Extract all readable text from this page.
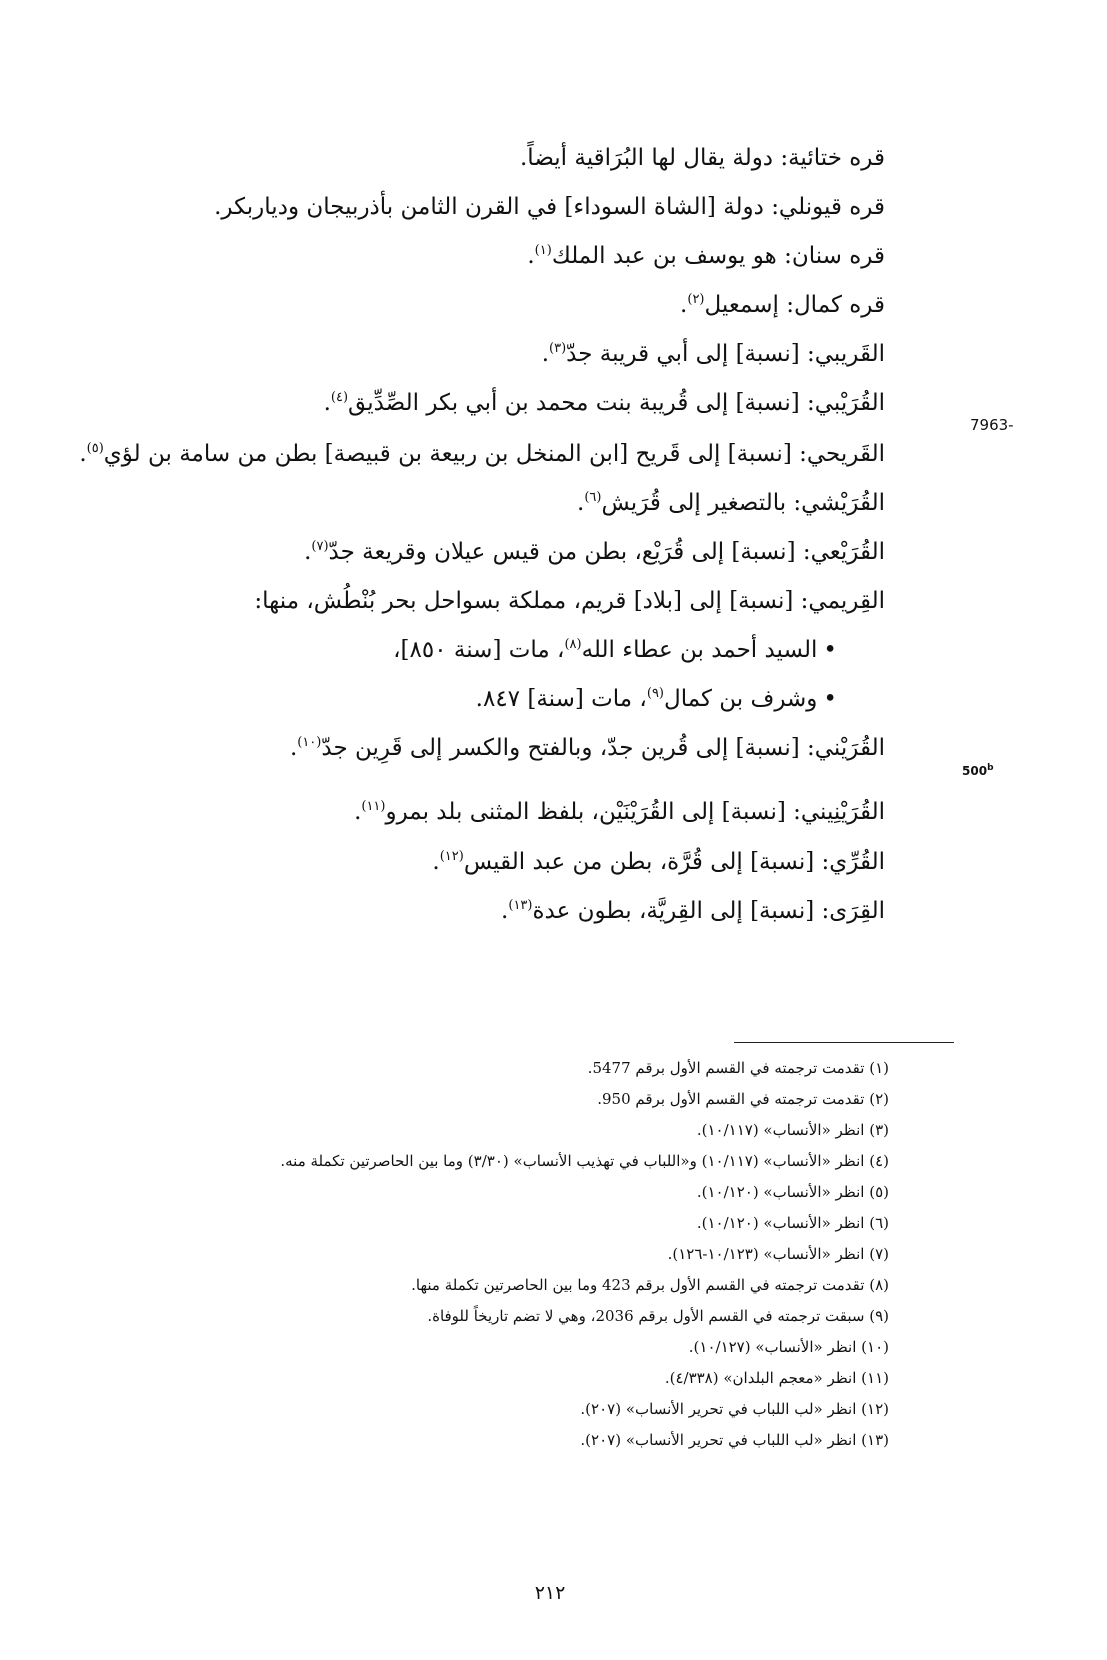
قره ختائية: دولة يقال لها البُرَاقية أيضاً.
قره قيونلي: دولة [الشاة السوداء] في القرن الثامن بأذربيجان ودياربكر.
قره سنان: هو يوسف بن عبد الملك$^{(١)}$.
قره كمال: إسمعيل$^{(٢)}$.
القَريبي: [نسبة] إلى أبي قريبة جدّ$^{(٣)}$.
القُرَيْبي: [نسبة] إلى قُريبة بنت محمد بن أبي بكر الصِّدِّيق$^{(٤)}$.
القَريحي: [نسبة] إلى قَريح [ابن المنخل بن ربيعة بن قبيصة] بطن من سامة بن لؤي$^{(٥)}$.
القُرَيْشي: بالتصغير إلى قُرَيش$^{(٦)}$.
القُرَيْعي: [نسبة] إلى قُرَيْع، بطن من قيس عيلان وقريعة جدّ$^{(٧)}$.
القِريمي: [نسبة] إلى [بلاد] قريم، مملكة بسواحل بحر بُنْطُش، منها:
•السيد أحمد بن عطاء الله$^{(٨)}$، مات [سنة ٨٥٠]،
•وشرف بن كمال$^{(٩)}$، مات [سنة] ٨٤٧.
القُرَيْني: [نسبة] إلى قُرين جدّ، وبالفتح والكسر إلى قَرِين جدّ$^{(١٠)}$.
القُرَيْنِيني: [نسبة] إلى القُرَيْنَيْن، بلفظ المثنى بلد بمرو$^{(١١)}$.
القُرِّي: [نسبة] إلى قُرَّة، بطن من عبد القيس$^{(١٢)}$.
القِرَى: [نسبة] إلى القِريَّة، بطون عدة$^{(١٣)}$.
7963-
500$^b$
(١) تقدمت ترجمته في القسم الأول برقم 5477.
(٢) تقدمت ترجمته في القسم الأول برقم 950.
(٣) انظر «الأنساب» (١٠/١١٧).
(٤) انظر «الأنساب» (١٠/١١٧) و«اللباب في تهذيب الأنساب» (٣/٣٠) وما بين الحاصرتين تكملة منه.
(٥) انظر «الأنساب» (١٠/١٢٠).
(٦) انظر «الأنساب» (١٠/١٢٠).
(٧) انظر «الأنساب» (١٠/١٢٣-١٢٦).
(٨) تقدمت ترجمته في القسم الأول برقم 423 وما بين الحاصرتين تكملة منها.
(٩) سبقت ترجمته في القسم الأول برقم 2036، وهي لا تضم تاريخاً للوفاة.
(١٠) انظر «الأنساب» (١٠/١٢٧).
(١١) انظر «معجم البلدان» (٤/٣٣٨).
(١٢) انظر «لب اللباب في تحرير الأنساب» (٢٠٧).
(١٣) انظر «لب اللباب في تحرير الأنساب» (٢٠٧).
٢١٢
